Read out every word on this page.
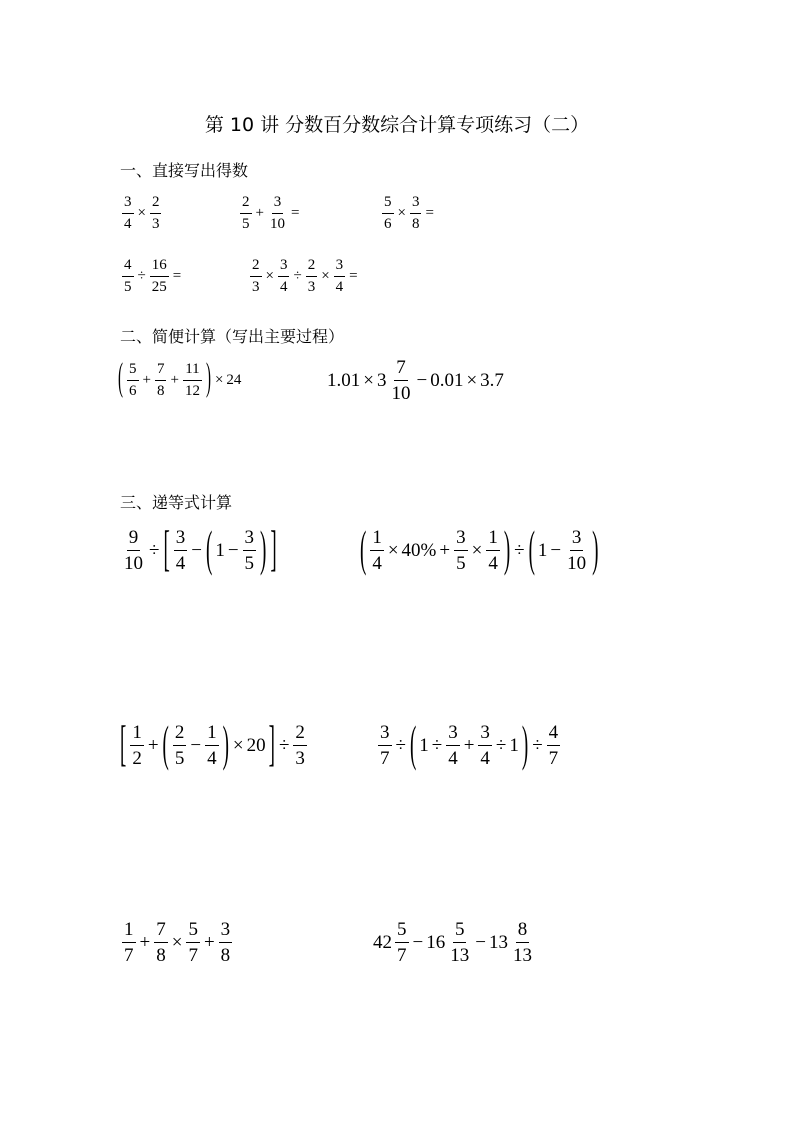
第 10 讲 分数百分数综合计算专项练习（二）
一、直接写出得数
$\frac{3}{4} \times \frac{2}{3}$	$\frac{2}{5} + \frac{3}{10}$ =	$\frac{5}{6} \times \frac{3}{8}$ =
$\frac{4}{5} \div \frac{16}{25}$ =	$\frac{2}{3} \times \frac{3}{4} \div \frac{2}{3} \times \frac{3}{4}$ =
二、简便计算（写出主要过程）
( $\frac{5}{6} + \frac{7}{8} + \frac{11}{12}$ ) × 24	$1.01 \times 3 \frac{7}{10} - 0.01 \times 3.7$
三、递等式计算
$\frac{9}{10}$ ÷ [ $\frac{3}{4}$ − ( $1 - \frac{3}{5}$ ) ]	( $\frac{1}{4} \times 40\% + \frac{3}{5} \times \frac{1}{4}$ ) ÷ ( $1 - \frac{3}{10}$ )
[ $\frac{1}{2}$ + ( $\frac{2}{5} - \frac{1}{4}$ ) × 20 ] ÷ $\frac{2}{3}$	$\frac{3}{7}$ ÷ ( $1 \div \frac{3}{4} + \frac{3}{4} \div 1$ ) ÷ $\frac{4}{7}$
$\frac{1}{7} + \frac{7}{8} \times \frac{5}{7} + \frac{3}{8}$	$42 \frac{5}{7} - 16 \frac{5}{13} - 13 \frac{8}{13}$
